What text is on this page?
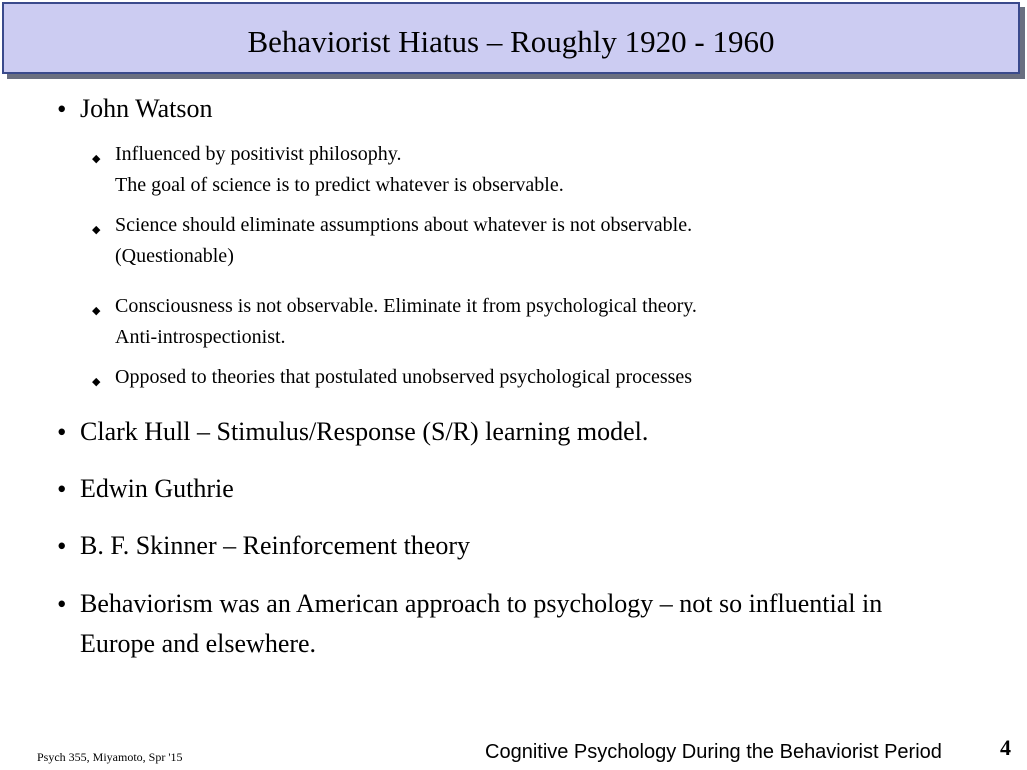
Behaviorist Hiatus – Roughly 1920 - 1960
• John Watson
◆ Influenced by positivist philosophy.
The goal of science is to predict whatever is observable.
◆ Science should eliminate assumptions about whatever is not observable.
(Questionable)
◆ Consciousness is not observable. Eliminate it from psychological theory.
Anti-introspectionist.
◆ Opposed to theories that postulated unobserved psychological processes
• Clark Hull – Stimulus/Response (S/R) learning model.
• Edwin Guthrie
• B. F. Skinner – Reinforcement theory
• Behaviorism was an American approach to psychology – not so influential in Europe and elsewhere.
Psych 355, Miyamoto, Spr '15	Cognitive Psychology During the Behaviorist Period	4
